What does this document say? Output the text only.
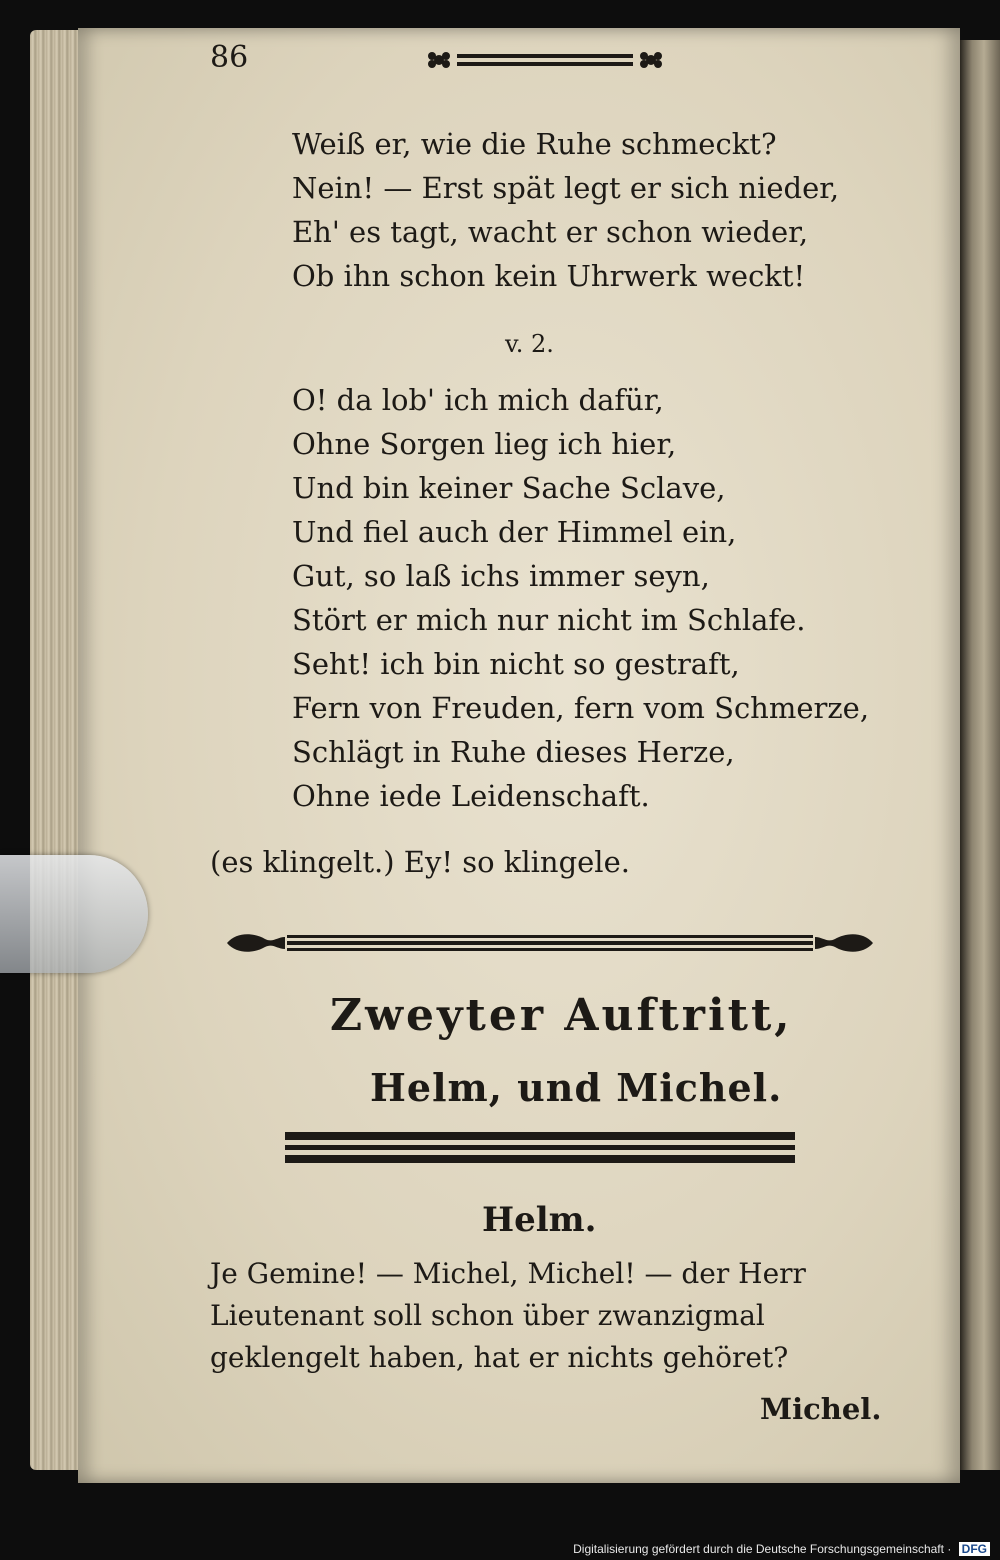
86
Weiß er, wie die Ruhe schmeckt?
Nein! — Erst spät legt er sich nieder,
Eh' es tagt, wacht er schon wieder,
Ob ihn schon kein Uhrwerk weckt!
v. 2.
O! da lob' ich mich dafür,
Ohne Sorgen lieg ich hier,
Und bin keiner Sache Sclave,
Und fiel auch der Himmel ein,
Gut, so laß ichs immer seyn,
Stört er mich nur nicht im Schlafe.
Seht! ich bin nicht so gestraft,
Fern von Freuden, fern vom Schmerze,
Schlägt in Ruhe dieses Herze,
Ohne iede Leidenschaft.
(es klingelt.) Ey! so klingele.
Zweyter Auftritt,
Helm, und Michel.
Helm.
Je Gemine! — Michel, Michel! — der Herr Lieutenant soll schon über zwanzigmal geklengelt haben, hat er nichts gehöret?
Michel.
Digitalisierung gefördert durch die Deutsche Forschungsgemeinschaft · DFG
